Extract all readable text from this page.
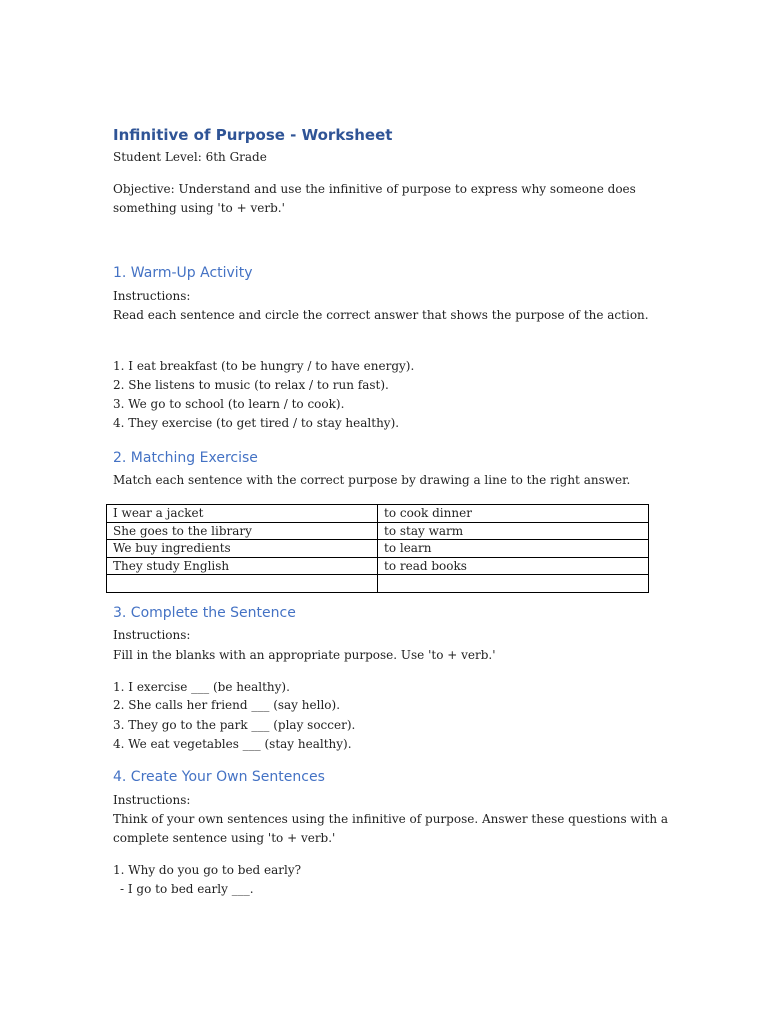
Infinitive of Purpose - Worksheet
Student Level: 6th Grade
Objective: Understand and use the infinitive of purpose to express why someone does
something using 'to + verb.'
1. Warm-Up Activity
Instructions:
Read each sentence and circle the correct answer that shows the purpose of the action.
1. I eat breakfast (to be hungry / to have energy).
2. She listens to music (to relax / to run fast).
3. We go to school (to learn / to cook).
4. They exercise (to get tired / to stay healthy).
2. Matching Exercise
Match each sentence with the correct purpose by drawing a line to the right answer.
I wear a jacket	to cook dinner
She goes to the library	to stay warm
We buy ingredients	to learn
They study English	to read books

3. Complete the Sentence
Instructions:
Fill in the blanks with an appropriate purpose. Use 'to + verb.'
1. I exercise ___ (be healthy).
2. She calls her friend ___ (say hello).
3. They go to the park ___ (play soccer).
4. We eat vegetables ___ (stay healthy).
4. Create Your Own Sentences
Instructions:
Think of your own sentences using the infinitive of purpose. Answer these questions with a
complete sentence using 'to + verb.'
1. Why do you go to bed early?
- I go to bed early ___.
